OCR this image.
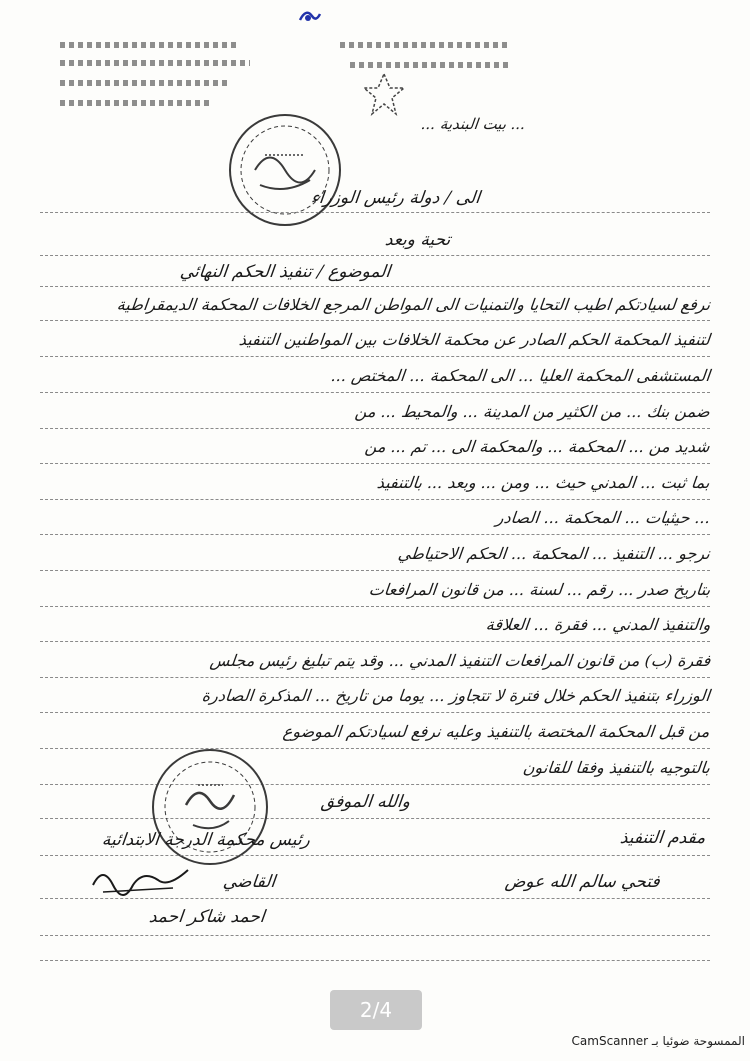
... بيت البندية ...
الى / دولة رئيس الوزراء
تحية وبعد
الموضوع / تنفيذ الحكم النهائي
نرفع لسيادتكم اطيب التحايا والتمنيات الى المواطن المرجع الخلافات المحكمة الديمقراطية
لتنفيذ المحكمة الحكم الصادر عن محكمة الخلافات بين المواطنين التنفيذ
المستشفى المحكمة العليا ... الى المحكمة ... المختص ...
ضمن بنك ... من الكثير من المدينة ... والمحيط ... من
شديد من ... المحكمة ... والمحكمة الى ... تم ... من
بما ثبت ... المدني حيث ... ومن ... وبعد ... بالتنفيذ
... حيثيات ... المحكمة ... الصادر
نرجو ... التنفيذ ... المحكمة ... الحكم الاحتياطي
بتاريخ صدر ... رقم ... لسنة ... من قانون المرافعات
والتنفيذ المدني ... فقرة ... العلاقة
فقرة (ب) من قانون المرافعات التنفيذ المدني ... وقد يتم تبليغ رئيس مجلس
الوزراء بتنفيذ الحكم خلال فترة لا تتجاوز ... يوما من تاريخ ... المذكرة الصادرة
من قبل المحكمة المختصة بالتنفيذ وعليه نرفع لسيادتكم الموضوع
بالتوجيه بالتنفيذ وفقا للقانون
والله الموفق
مقدم التنفيذ
رئيس محكمة الدرجة الابتدائية
فتحي سالم الله عوض
القاضي
احمد شاكر احمد
2/4
الممسوحة ضوئيا بـ CamScanner
